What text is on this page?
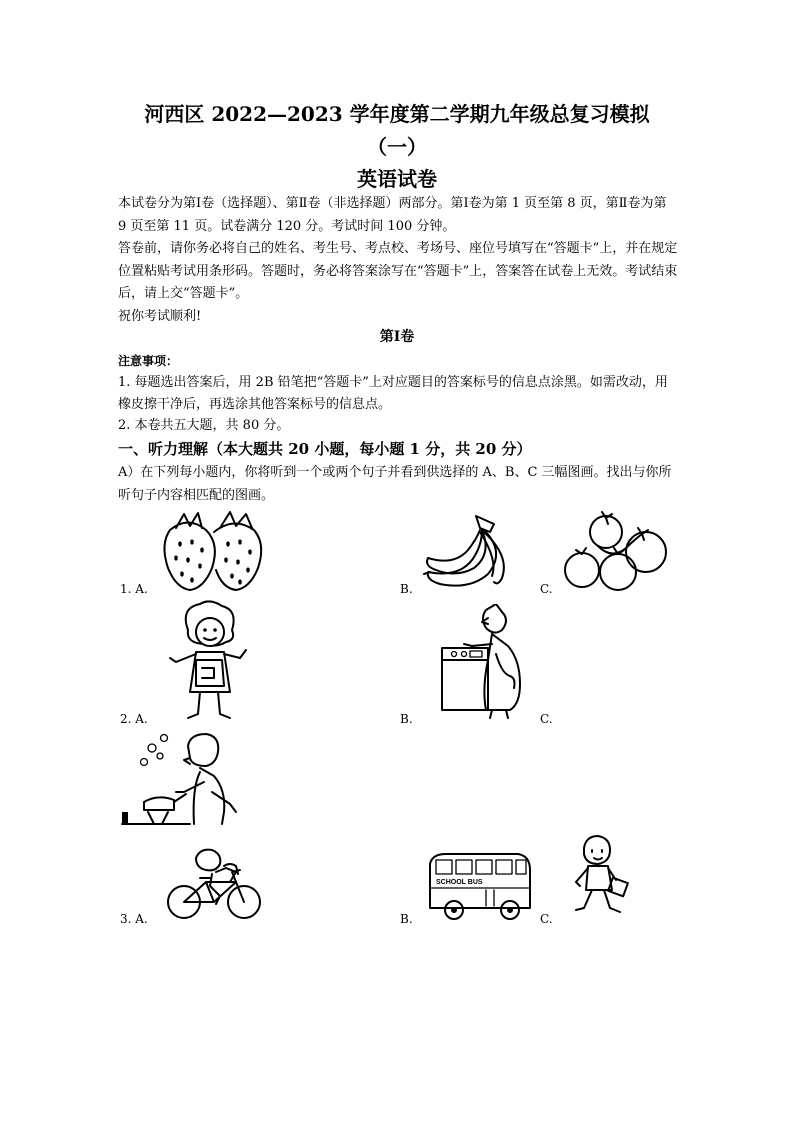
河西区 2022—2023 学年度第二学期九年级总复习模拟
（一）
英语试卷

本试卷分为第Ⅰ卷（选择题）、第Ⅱ卷（非选择题）两部分。第Ⅰ卷为第 1 页至第 8 页，第Ⅱ卷为第 9 页至第 11 页。试卷满分 120 分。考试时间 100 分钟。

答卷前，请你务必将自己的姓名、考生号、考点校、考场号、座位号填写在“答题卡”上，并在规定位置粘贴考试用条形码。答题时，务必将答案涂写在“答题卡”上，答案答在试卷上无效。考试结束后，请上交“答题卡”。

祝你考试顺利!

第Ⅰ卷
注意事项：

1. 每题选出答案后，用 2B 铅笔把“答题卡”上对应题目的答案标号的信息点涂黑。如需改动，用橡皮擦干净后，再选涂其他答案标号的信息点。

2. 本卷共五大题，共 80 分。

一、听力理解（本大题共 20 小题，每小题 1 分，共 20 分）

A）在下列每小题内，你将听到一个或两个句子并看到供选择的 A、B、C 三幅图画。找出与你所听句子内容相匹配的图画。

1. A.	B.	C.
2. A.	B.	C.
3. A.	B.	C.
SCHOOL BUS
